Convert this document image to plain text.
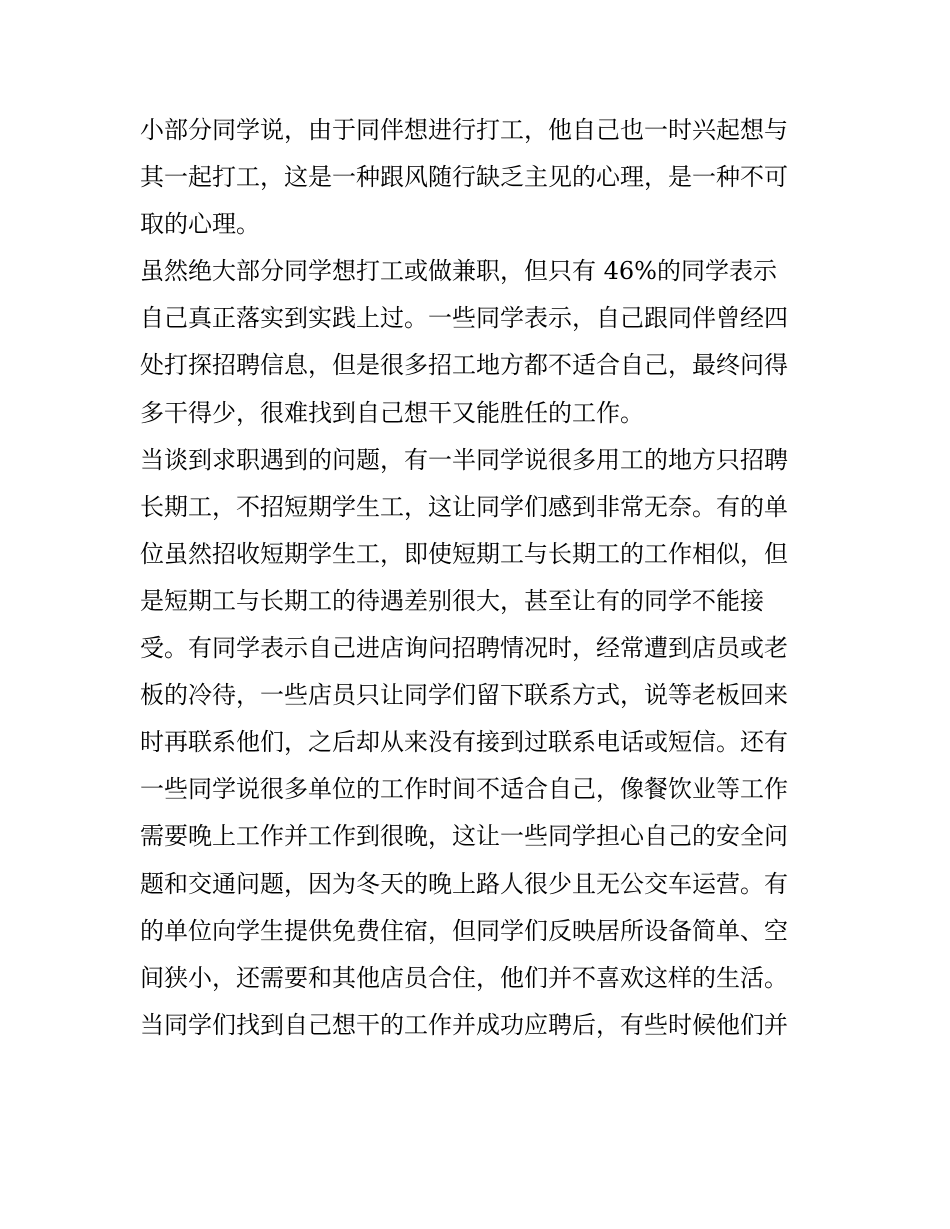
小部分同学说，由于同伴想进行打工，他自己也一时兴起想与
其一起打工，这是一种跟风随行缺乏主见的心理，是一种不可
取的心理。
虽然绝大部分同学想打工或做兼职，但只有 46%的同学表示
自己真正落实到实践上过。一些同学表示，自己跟同伴曾经四
处打探招聘信息，但是很多招工地方都不适合自己，最终问得
多干得少，很难找到自己想干又能胜任的工作。
当谈到求职遇到的问题，有一半同学说很多用工的地方只招聘
长期工，不招短期学生工，这让同学们感到非常无奈。有的单
位虽然招收短期学生工，即使短期工与长期工的工作相似，但
是短期工与长期工的待遇差别很大，甚至让有的同学不能接
受。有同学表示自己进店询问招聘情况时，经常遭到店员或老
板的冷待，一些店员只让同学们留下联系方式，说等老板回来
时再联系他们，之后却从来没有接到过联系电话或短信。还有
一些同学说很多单位的工作时间不适合自己，像餐饮业等工作
需要晚上工作并工作到很晚，这让一些同学担心自己的安全问
题和交通问题，因为冬天的晚上路人很少且无公交车运营。有
的单位向学生提供免费住宿，但同学们反映居所设备简单、空
间狭小，还需要和其他店员合住，他们并不喜欢这样的生活。
当同学们找到自己想干的工作并成功应聘后，有些时候他们并
